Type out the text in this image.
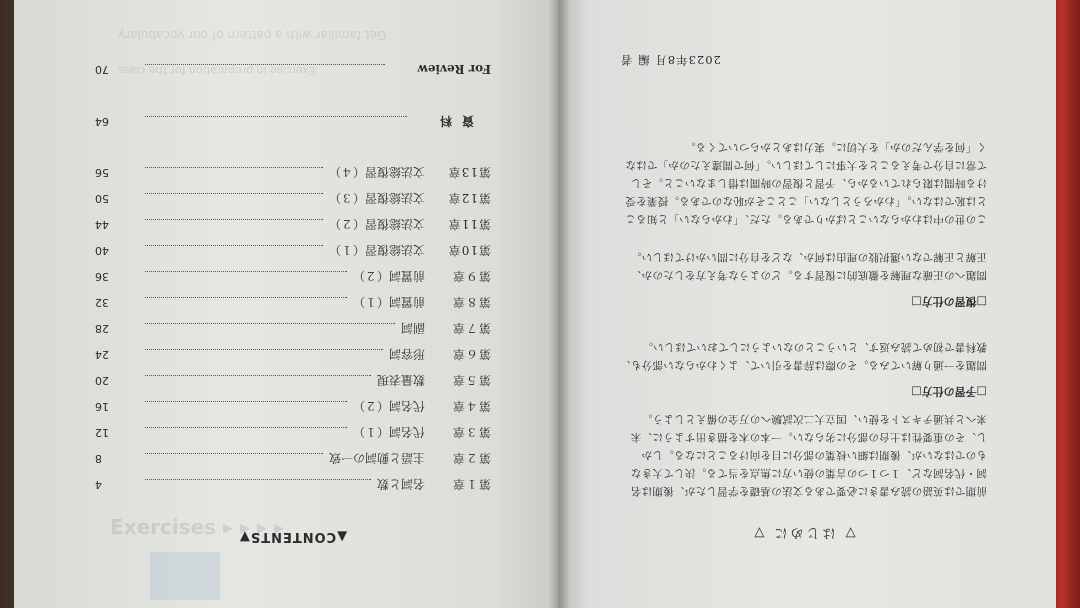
Get familiar with a pattern of our vocabulary
Exercise in preparation for the class
Exercises ▸ ▸ ▸ ▸
▲CONTENTS▼
第１章
名詞と数
4
第２章
主語と動詞の一致
8
第３章
代名詞（１）
12
第４章
代名詞（２）
16
第５章
数量表現
20
第６章
形容詞
24
第７章
副詞
28
第８章
前置詞（１）
32
第９章
前置詞（２）
36
第10章
文法総復習（１）
40
第11章
文法総復習（２）
44
第12章
文法総復習（３）
50
第13章
文法総復習（４）
56
資料
64
For Review
70
▽ はじめに ▽
前期では英語の読み書きに必要である文法の基礎を学習したが、後期は名詞・代名詞など、１つ１つの言葉の使い方に焦点を当てる。決して大きなものではないが、後期は細い枝葉の部分に目を向けることになる。しかし、その重要性は土台の部分に劣らない。一本の木を描き出すように、未来へと共通テキストを使い、国立大二次試験への万全の備えとしよう。
□予習の仕方□
問題を一通り解いてみる。その際は辞書を引いて、よくわからない部分も、教科書で初めて読み返す、ということのないようにしておいてほしい。
□復習の仕方□
問題への正確な理解を徹底的に復習する。どのような考え方をしたのか、正解と正解でない選択肢の理由は何か、などを自分に問いかけてほしい。
この世の中はわからないことばかりである。ただ、「わからない」と知ることは恥ではない。「わかろうとしない」ことこそが恥なのである。授業を受ける時間は限られているから、予習と復習の時間は惜しまないこと。そして常に自分で考えることを大事にしてほしい。「何で間違えたのか」ではなく「何を学んだのか」を大切に。実力はあとからついてくる。
2023年8月 編 者
